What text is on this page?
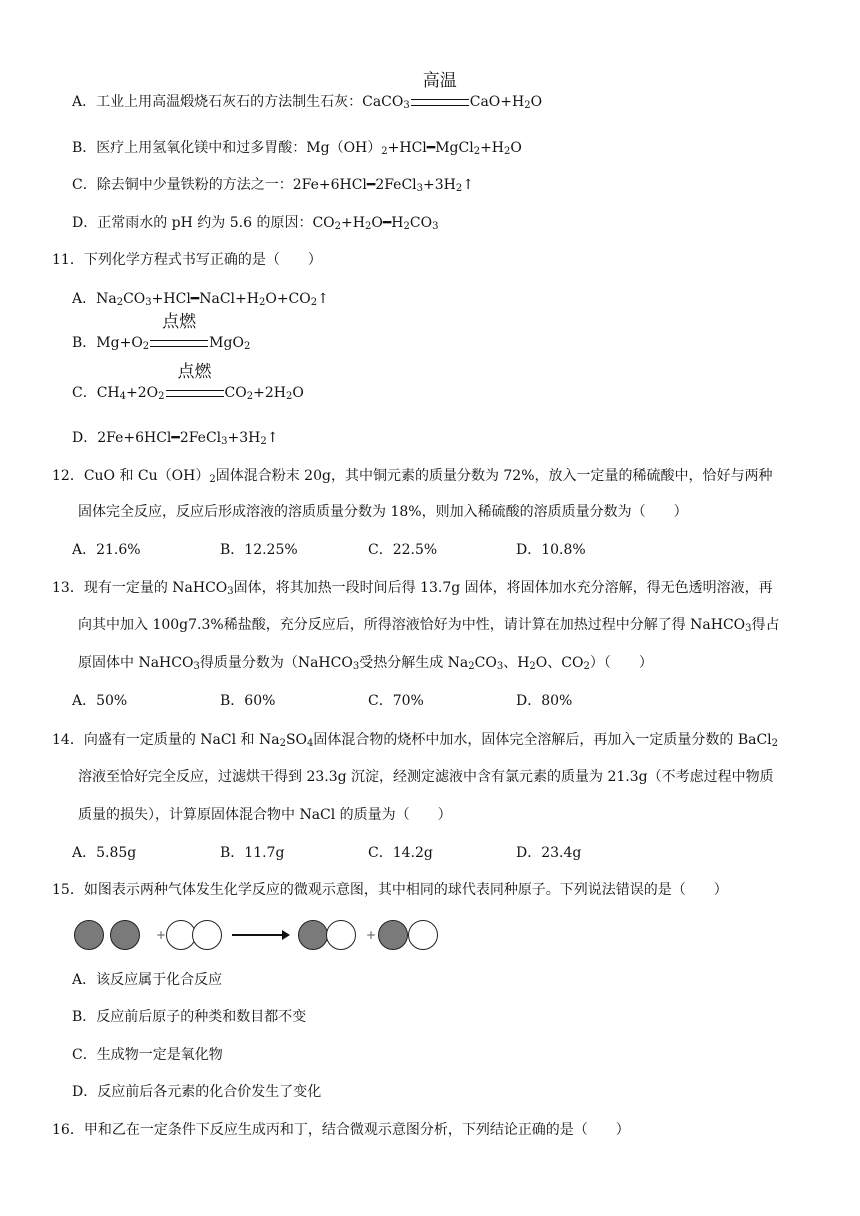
A．工业上用高温煅烧石灰石的方法制生石灰：CaCO$_3$
高温
$CaO+H_2O$
B．医疗上用氢氧化镁中和过多胃酸：$Mg(OH)_2+HCl━MgCl_2+H_2O$
C．除去铜中少量铁粉的方法之一：$2Fe+6HCl━2FeCl_3+3H_2↑$
D．正常雨水的 pH 约为 5.6 的原因：$CO_2+H_2O━H_2CO_3$
11．下列化学方程式书写正确的是（　　）
A．$Na_2CO_3+HCl━NaCl+H_2O+CO_2↑$
B．$Mg+O_2$
点燃
MgO$_2$
C．$CH_4+2O_2$
点燃
$CO_2+2H_2O$
D．$2Fe+6HCl━2FeCl_3+3H_2↑$
12．CuO 和 $Cu(OH)_2$固体混合粉末 20g，其中铜元素的质量分数为 72%，放入一定量的稀硫酸中，恰好与两种
固体完全反应，反应后形成溶液的溶质质量分数为 18%，则加入稀硫酸的溶质质量分数为（　　）
A．21.6%	B．12.25%	C．22.5%	D．10.8%
13．现有一定量的 NaHCO$_3$固体，将其加热一段时间后得 13.7g 固体，将固体加水充分溶解，得无色透明溶液，再
向其中加入 100g7.3%稀盐酸，充分反应后，所得溶液恰好为中性，请计算在加热过程中分解了得 NaHCO$_3$得占
原固体中 NaHCO$_3$得质量分数为（NaHCO$_3$受热分解生成 $Na_2CO_3$、$H_2O$、$CO_2$）（　　）
A．50%	B．60%	C．70%	D．80%
14．向盛有一定质量的 NaCl 和 $Na_2SO_4$固体混合物的烧杯中加水，固体完全溶解后，再加入一定质量分数的 BaCl$_2$
溶液至恰好完全反应，过滤烘干得到 23.3g 沉淀，经测定滤液中含有氯元素的质量为 21.3g（不考虑过程中物质
质量的损失），计算原固体混合物中 NaCl 的质量为（　　）
A．5.85g	B．11.7g	C．14.2g	D．23.4g
15．如图表示两种气体发生化学反应的微观示意图，其中相同的球代表同种原子。下列说法错误的是（　　）
+	+
A．该反应属于化合反应
B．反应前后原子的种类和数目都不变
C．生成物一定是氧化物
D．反应前后各元素的化合价发生了变化
16．甲和乙在一定条件下反应生成丙和丁，结合微观示意图分析，下列结论正确的是（　　）
